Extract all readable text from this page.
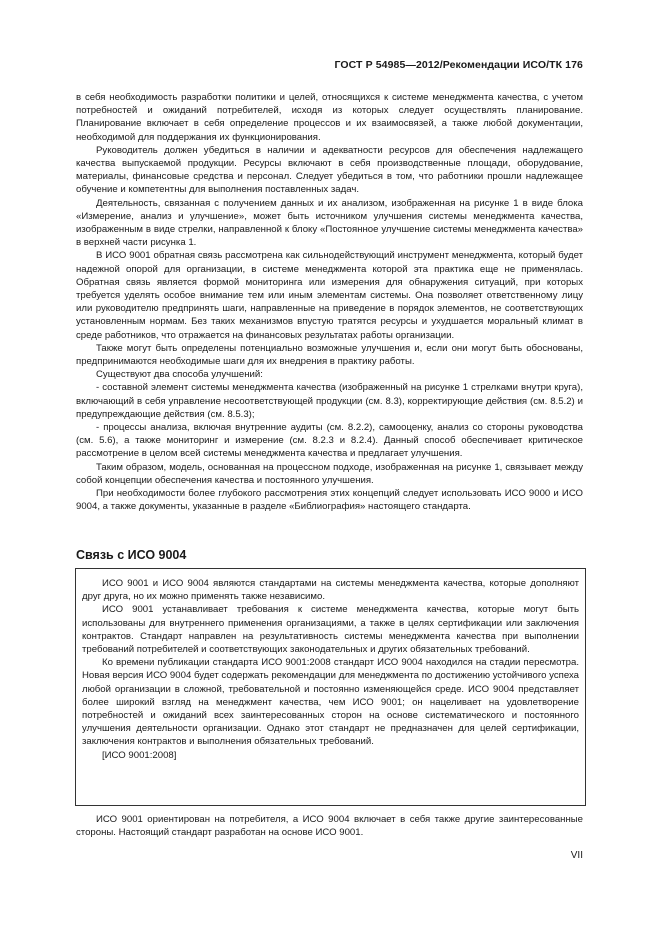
ГОСТ Р 54985—2012/Рекомендации ИСО/ТК 176

в себя необходимость разработки политики и целей, относящихся к системе менеджмента качества, с учетом потребностей и ожиданий потребителей, исходя из которых следует осуществлять планирование. Планирование включает в себя определение процессов и их взаимосвязей, а также любой документации, необходимой для поддержания их функционирования.

Руководитель должен убедиться в наличии и адекватности ресурсов для обеспечения надлежащего качества выпускаемой продукции. Ресурсы включают в себя производственные площади, оборудование, материалы, финансовые средства и персонал. Следует убедиться в том, что работники прошли надлежащее обучение и компетентны для выполнения поставленных задач.

Деятельность, связанная с получением данных и их анализом, изображенная на рисунке 1 в виде блока «Измерение, анализ и улучшение», может быть источником улучшения системы менеджмента качества, изображенным в виде стрелки, направленной к блоку «Постоянное улучшение системы менеджмента качества» в верхней части рисунка 1.

В ИСО 9001 обратная связь рассмотрена как сильнодействующий инструмент менеджмента, который будет надежной опорой для организации, в системе менеджмента которой эта практика еще не применялась. Обратная связь является формой мониторинга или измерения для обнаружения ситуаций, при которых требуется уделять особое внимание тем или иным элементам системы. Она позволяет ответственному лицу или руководителю предпринять шаги, направленные на приведение в порядок элементов, не соответствующих установленным нормам. Без таких механизмов впустую тратятся ресурсы и ухудшается моральный климат в среде работников, что отражается на финансовых результатах работы организации.

Также могут быть определены потенциально возможные улучшения и, если они могут быть обоснованы, предпринимаются необходимые шаги для их внедрения в практику работы.

Существуют два способа улучшений:

- составной элемент системы менеджмента качества (изображенный на рисунке 1 стрелками внутри круга), включающий в себя управление несоответствующей продукции (см. 8.3), корректирующие действия (см. 8.5.2) и предупреждающие действия (см. 8.5.3);

- процессы анализа, включая внутренние аудиты (см. 8.2.2), самооценку, анализ со стороны руководства (см. 5.6), а также мониторинг и измерение (см. 8.2.3 и 8.2.4). Данный способ обеспечивает критическое рассмотрение в целом всей системы менеджмента качества и предлагает улучшения.

Таким образом, модель, основанная на процессном подходе, изображенная на рисунке 1, связывает между собой концепции обеспечения качества и постоянного улучшения.

При необходимости более глубокого рассмотрения этих концепций следует использовать ИСО 9000 и ИСО 9004, а также документы, указанные в разделе «Библиография» настоящего стандарта.

Связь с ИСО 9004

ИСО 9001 и ИСО 9004 являются стандартами на системы менеджмента качества, которые дополняют друг друга, но их можно применять также независимо.

ИСО 9001 устанавливает требования к системе менеджмента качества, которые могут быть использованы для внутреннего применения организациями, а также в целях сертификации или заключения контрактов. Стандарт направлен на результативность системы менеджмента качества при выполнении требований потребителей и соответствующих законодательных и других обязательных требований.

Ко времени публикации стандарта ИСО 9001:2008 стандарт ИСО 9004 находился на стадии пересмотра. Новая версия ИСО 9004 будет содержать рекомендации для менеджмента по достижению устойчивого успеха любой организации в сложной, требовательной и постоянно изменяющейся среде. ИСО 9004 представляет более широкий взгляд на менеджмент качества, чем ИСО 9001; он нацеливает на удовлетворение потребностей и ожиданий всех заинтересованных сторон на основе систематического и постоянного улучшения деятельности организации. Однако этот стандарт не предназначен для целей сертификации, заключения контрактов и выполнения обязательных требований.

[ИСО 9001:2008]

ИСО 9001 ориентирован на потребителя, а ИСО 9004 включает в себя также другие заинтересованные стороны. Настоящий стандарт разработан на основе ИСО 9001.

VII
